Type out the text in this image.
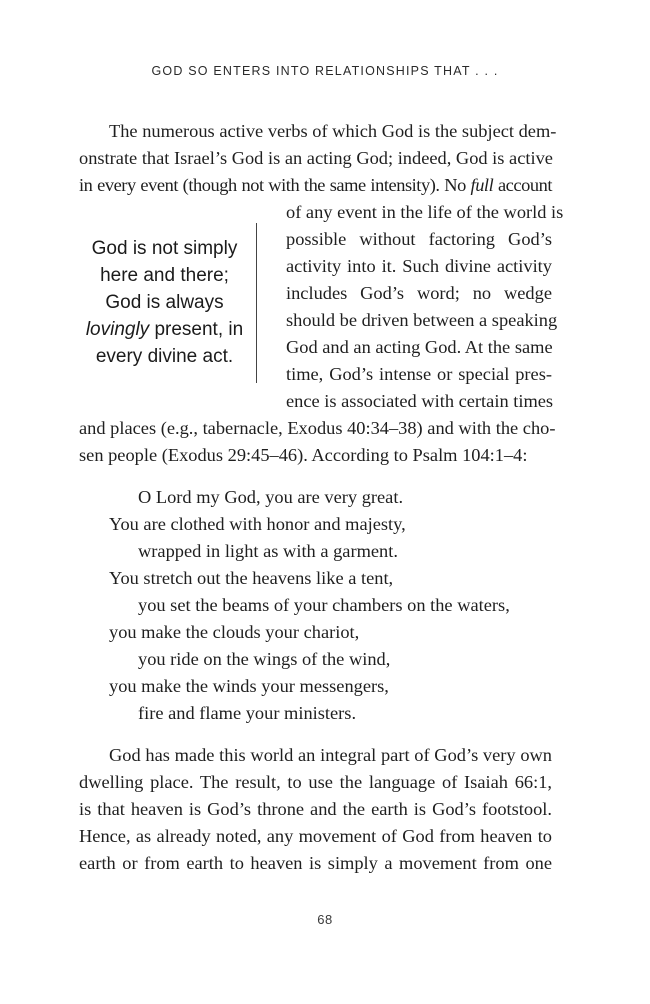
GOD SO ENTERS INTO RELATIONSHIPS THAT . . .
The numerous active verbs of which God is the subject dem-
onstrate that Israel’s God is an acting God; indeed, God is active
in every event (though not with the same intensity). No full account
of any event in the life of the world is
possible without factoring God’s
activity into it. Such divine activity
includes God’s word; no wedge
should be driven between a speaking
God and an acting God. At the same
time, God’s intense or special pres-
ence is associated with certain times
and places (e.g., tabernacle, Exodus 40:34–38) and with the cho-
sen people (Exodus 29:45–46). According to Psalm 104:1–4:
God is not simply
here and there;
God is always
lovingly present, in
every divine act.
O Lord my God, you are very great.
You are clothed with honor and majesty,
wrapped in light as with a garment.
You stretch out the heavens like a tent,
you set the beams of your chambers on the waters,
you make the clouds your chariot,
you ride on the wings of the wind,
you make the winds your messengers,
fire and flame your ministers.
God has made this world an integral part of God’s very own
dwelling place. The result, to use the language of Isaiah 66:1,
is that heaven is God’s throne and the earth is God’s footstool.
Hence, as already noted, any movement of God from heaven to
earth or from earth to heaven is simply a movement from one
68
